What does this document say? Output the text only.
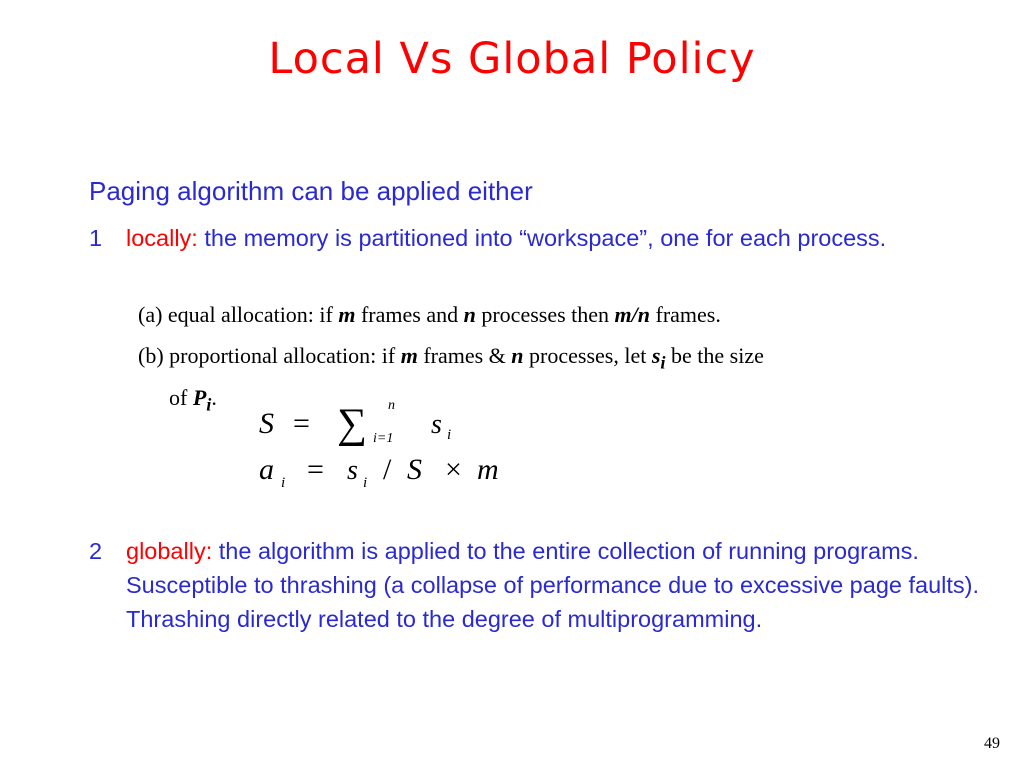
Local Vs Global Policy
Paging algorithm can be applied either
1	locally: the memory is partitioned into “workspace”, one for each process.
(a) equal allocation: if m frames and n processes then m/n frames.
(b) proportional allocation: if m frames & n processes, let $s_i$ be the size
of $P_i$.
S = ∑ n
i=1 s i
a i = s i / S × m
2	globally: the algorithm is applied to the entire collection of running programs. Susceptible to thrashing (a collapse of performance due to excessive page faults).
Thrashing directly related to the degree of multiprogramming.
49
